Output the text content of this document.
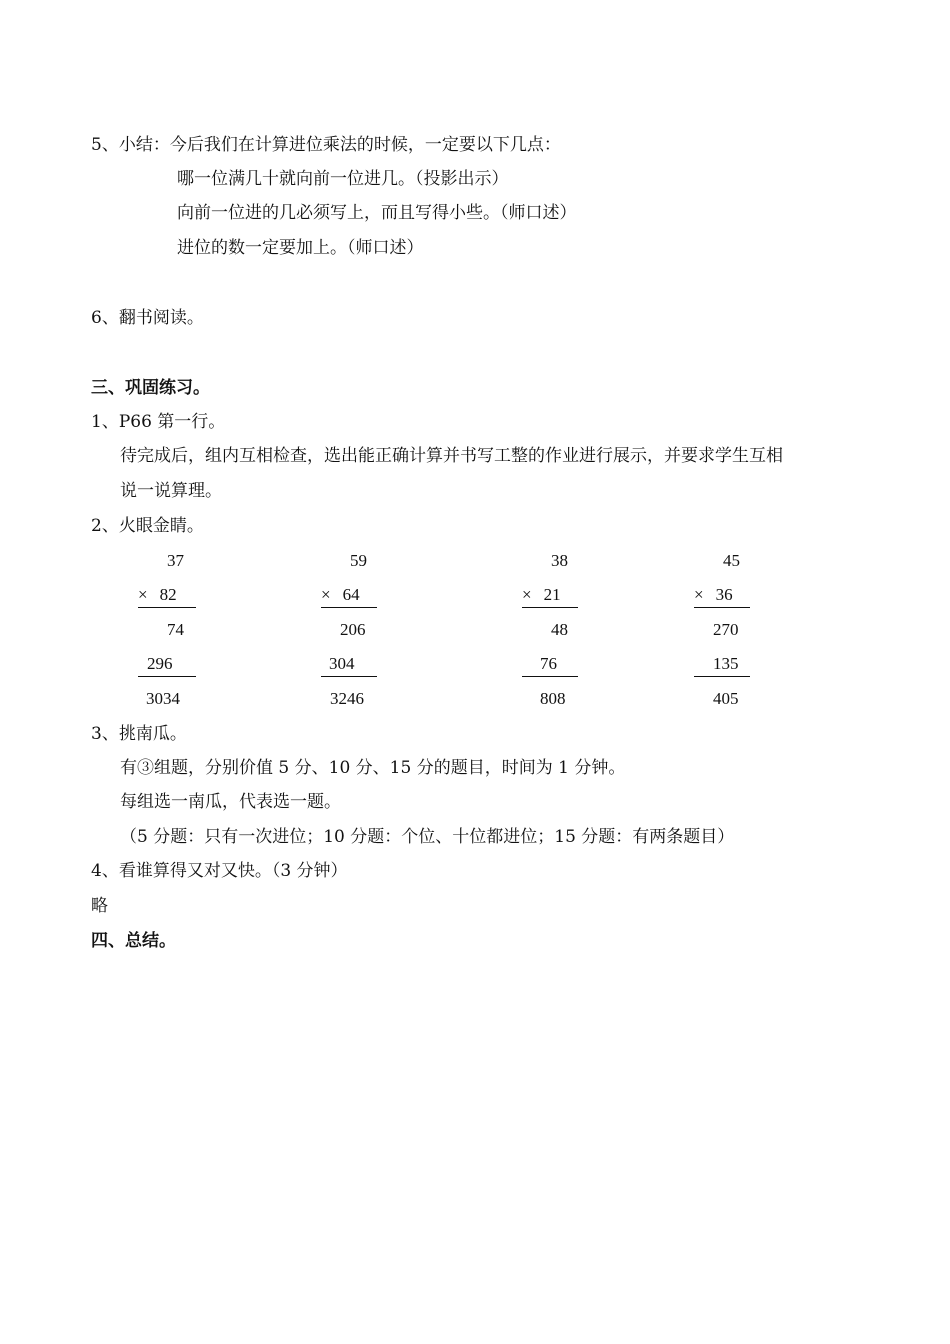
5、小结：今后我们在计算进位乘法的时候，一定要以下几点：
哪一位满几十就向前一位进几。（投影出示）
向前一位进的几必须写上，而且写得小些。（师口述）
进位的数一定要加上。（师口述）
6、翻书阅读。
三、巩固练习。
1、P66 第一行。
待完成后，组内互相检查，选出能正确计算并书写工整的作业进行展示，并要求学生互相
说一说算理。
2、火眼金睛。
37
× 82
74
296
3034
59
× 64
206
304
3246
38
× 21
48
76
808
45
× 36
270
135
405
3、挑南瓜。
有③组题，分别价值 5 分、10 分、15 分的题目，时间为 1 分钟。
每组选一南瓜，代表选一题。
（5 分题：只有一次进位；10 分题：个位、十位都进位；15 分题：有两条题目）
4、看谁算得又对又快。（3 分钟）
略
四、总结。
